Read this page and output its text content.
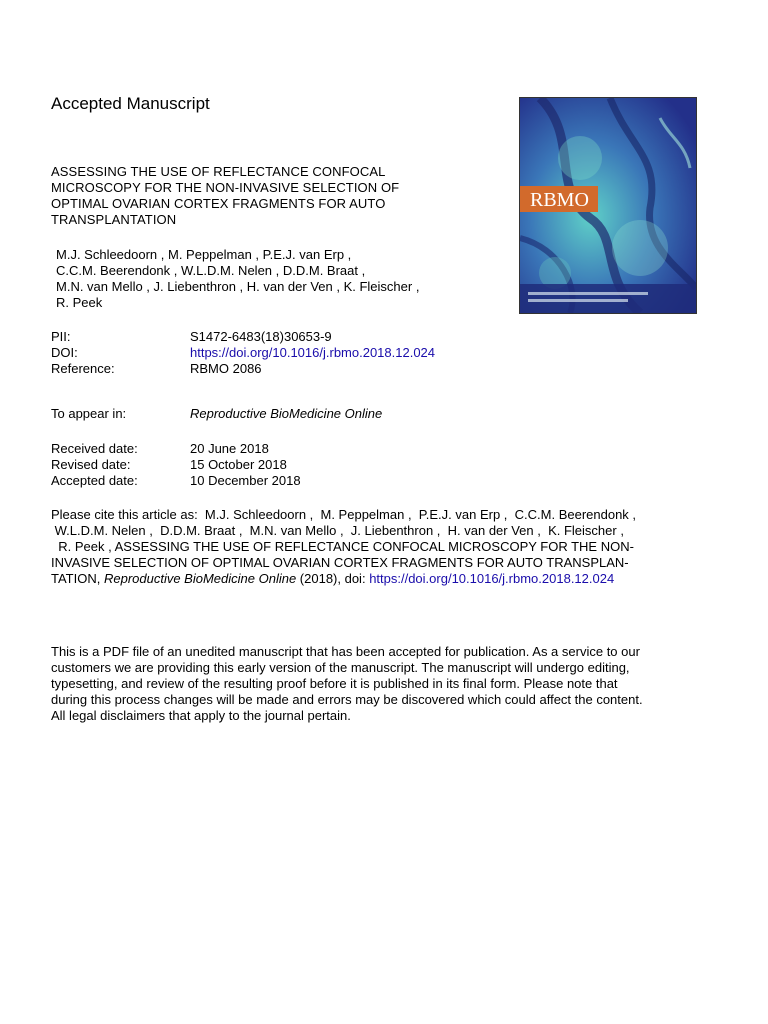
Accepted Manuscript
ASSESSING THE USE OF REFLECTANCE CONFOCAL
MICROSCOPY FOR THE NON-INVASIVE SELECTION OF
OPTIMAL OVARIAN CORTEX FRAGMENTS FOR AUTO
TRANSPLANTATION
M.J. Schleedoorn , M. Peppelman , P.E.J. van Erp ,
C.C.M. Beerendonk , W.L.D.M. Nelen , D.D.M. Braat ,
M.N. van Mello , J. Liebenthron , H. van der Ven , K. Fleischer ,
R. Peek
PII:	S1472-6483(18)30653-9
DOI:	https://doi.org/10.1016/j.rbmo.2018.12.024
Reference:	RBMO 2086
To appear in:	Reproductive BioMedicine Online
Received date:	20 June 2018
Revised date:	15 October 2018
Accepted date:	10 December 2018
Please cite this article as:  M.J. Schleedoorn ,  M. Peppelman ,  P.E.J. van Erp ,  C.C.M. Beerendonk ,
W.L.D.M. Nelen ,  D.D.M. Braat ,  M.N. van Mello ,  J. Liebenthron ,  H. van der Ven ,  K. Fleischer ,
R. Peek , ASSESSING THE USE OF REFLECTANCE CONFOCAL MICROSCOPY FOR THE NON-
INVASIVE SELECTION OF OPTIMAL OVARIAN CORTEX FRAGMENTS FOR AUTO TRANSPLAN-
TATION, Reproductive BioMedicine Online (2018), doi: https://doi.org/10.1016/j.rbmo.2018.12.024
This is a PDF file of an unedited manuscript that has been accepted for publication. As a service to our
customers we are providing this early version of the manuscript. The manuscript will undergo editing,
typesetting, and review of the resulting proof before it is published in its final form. Please note that
during this process changes will be made and errors may be discovered which could affect the content.
All legal disclaimers that apply to the journal pertain.
RBMO
